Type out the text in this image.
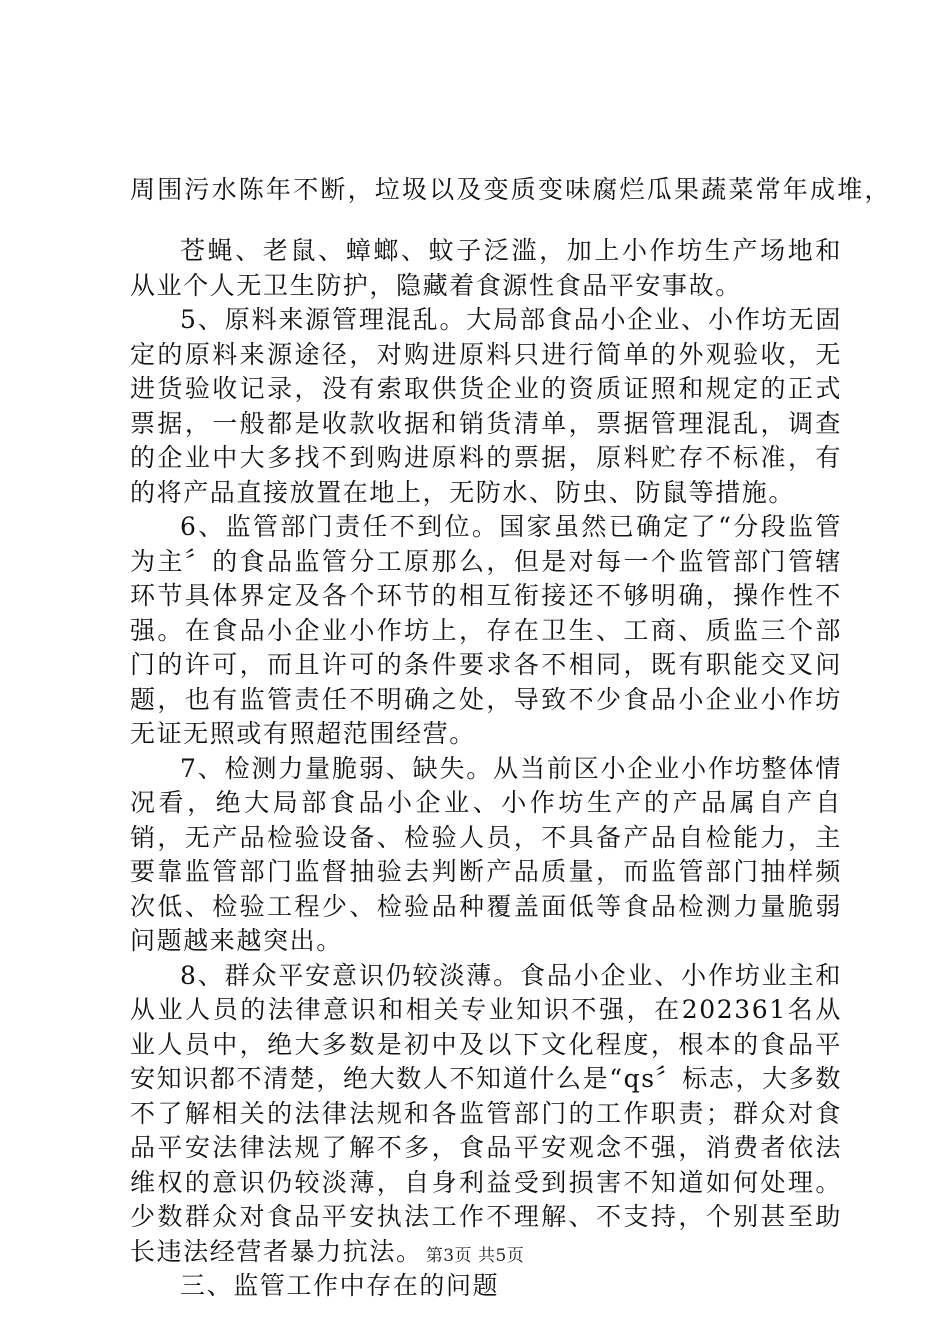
周围污水陈年不断，垃圾以及变质变味腐烂瓜果蔬菜常年成堆，

苍蝇、老鼠、蟑螂、蚊子泛滥，加上小作坊生产场地和从业个人无卫生防护，隐藏着食源性食品平安事故。

5、原料来源管理混乱。大局部食品小企业、小作坊无固定的原料来源途径，对购进原料只进行简单的外观验收，无进货验收记录，没有索取供货企业的资质证照和规定的正式票据，一般都是收款收据和销货清单，票据管理混乱，调查的企业中大多找不到购进原料的票据，原料贮存不标准，有的将产品直接放置在地上，无防水、防虫、防鼠等措施。

6、监管部门责任不到位。国家虽然已确定了“分段监管为主〞的食品监管分工原那么，但是对每一个监管部门管辖环节具体界定及各个环节的相互衔接还不够明确，操作性不强。在食品小企业小作坊上，存在卫生、工商、质监三个部门的许可，而且许可的条件要求各不相同，既有职能交叉问题，也有监管责任不明确之处，导致不少食品小企业小作坊无证无照或有照超范围经营。

7、检测力量脆弱、缺失。从当前区小企业小作坊整体情况看，绝大局部食品小企业、小作坊生产的产品属自产自销，无产品检验设备、检验人员，不具备产品自检能力，主要靠监管部门监督抽验去判断产品质量，而监管部门抽样频次低、检验工程少、检验品种覆盖面低等食品检测力量脆弱问题越来越突出。

8、群众平安意识仍较淡薄。食品小企业、小作坊业主和从业人员的法律意识和相关专业知识不强，在202361名从业人员中，绝大多数是初中及以下文化程度，根本的食品平安知识都不清楚，绝大数人不知道什么是“qs〞标志，大多数不了解相关的法律法规和各监管部门的工作职责；群众对食品平安法律法规了解不多，食品平安观念不强，消费者依法维权的意识仍较淡薄，自身利益受到损害不知道如何处理。少数群众对食品平安执法工作不理解、不支持，个别甚至助长违法经营者暴力抗法。

三、监管工作中存在的问题

第3页 共5页
